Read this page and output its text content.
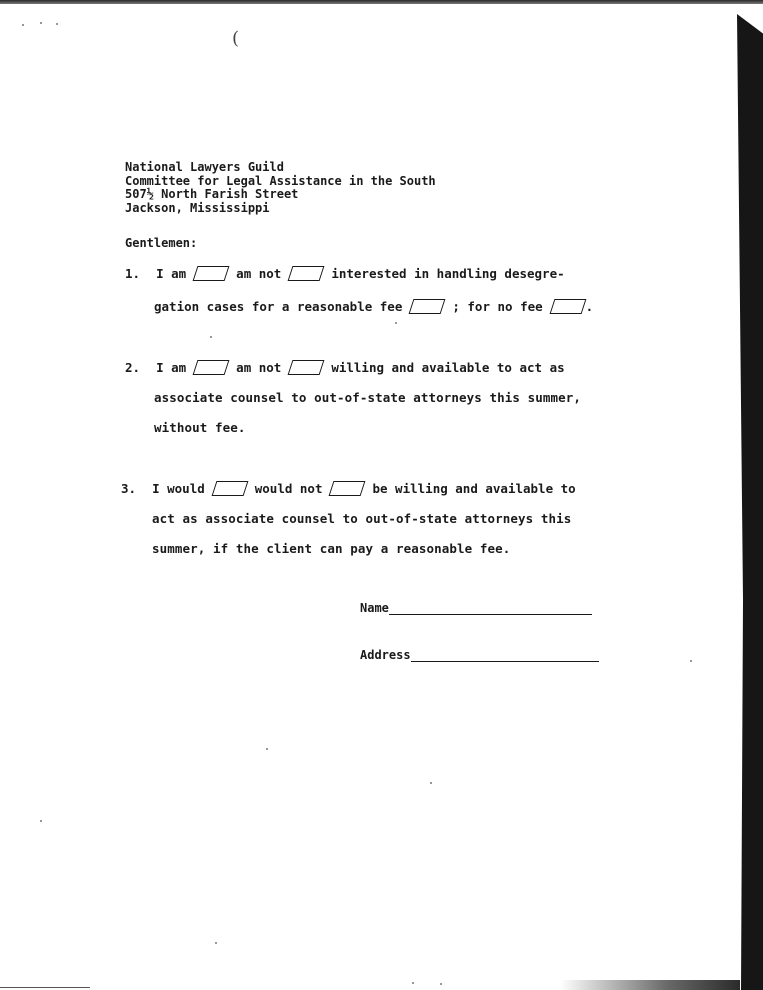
(
National Lawyers Guild
Committee for Legal Assistance in the South
507½ North Farish Street
Jackson, Mississippi
Gentlemen:
1. I am	am not	interested in handling desegre-
gation cases for a reasonable fee	; for no fee	.
2. I am	am not	willing and available to act as
associate counsel to out-of-state attorneys this summer,
without fee.
3. I would	would not	be willing and available to
act as associate counsel to out-of-state attorneys this
summer, if the client can pay a reasonable fee.
Name
Address
